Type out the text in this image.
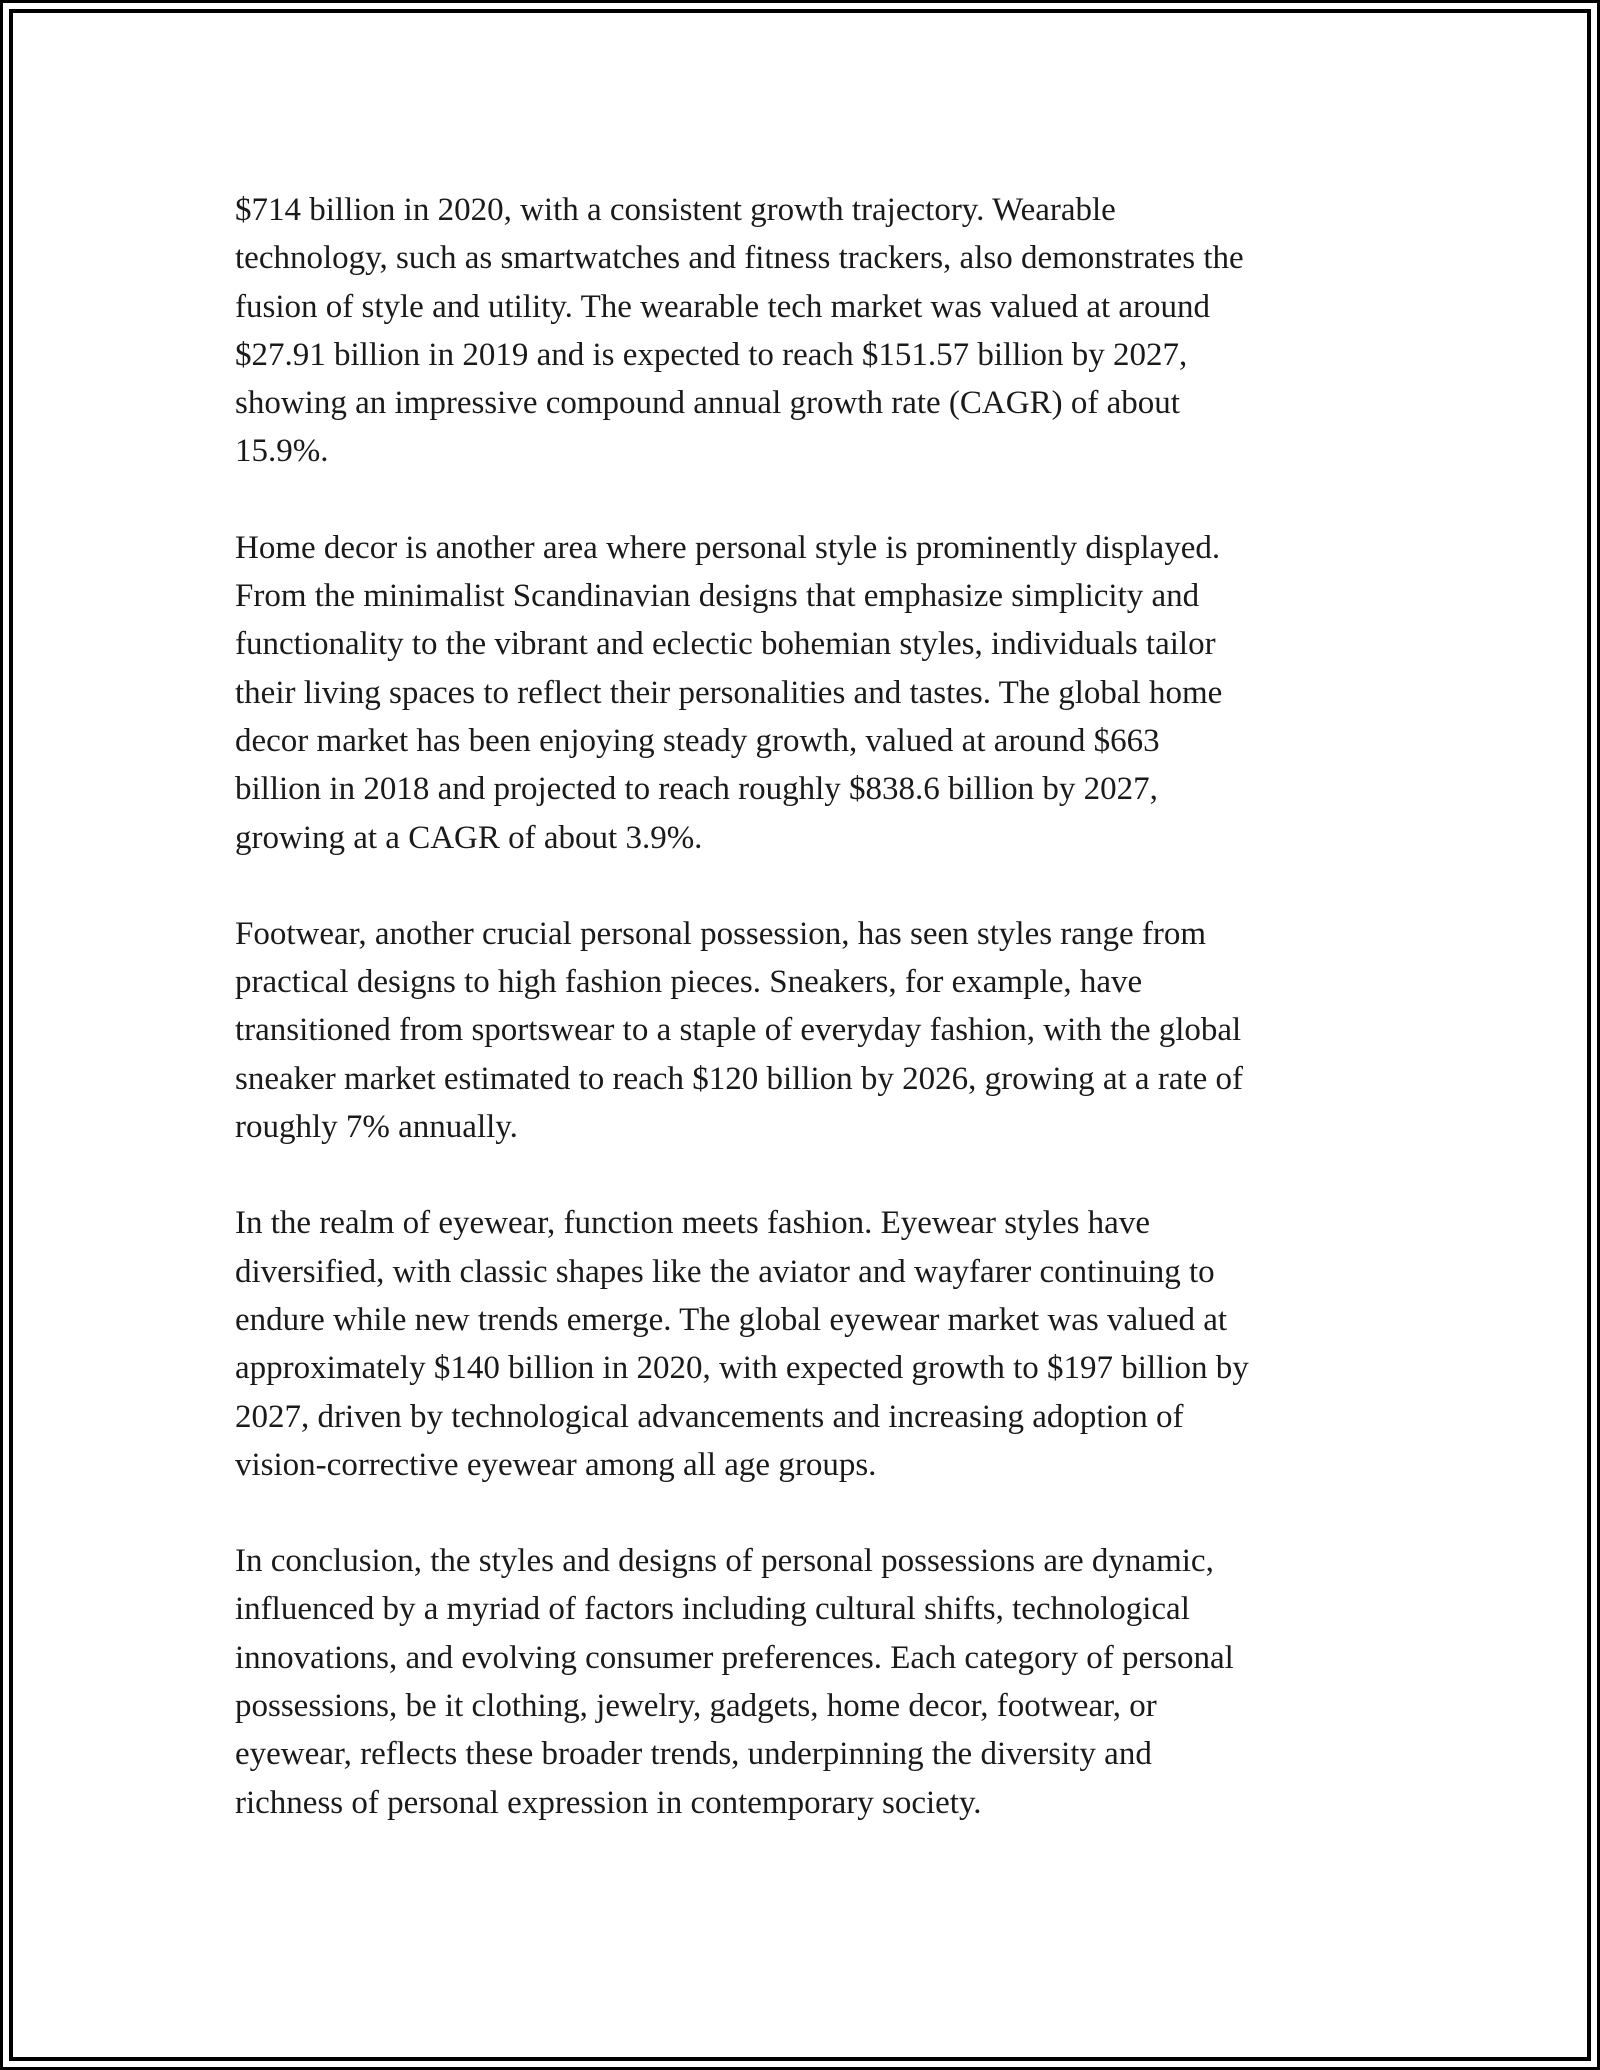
$714 billion in 2020, with a consistent growth trajectory. Wearable
technology, such as smartwatches and fitness trackers, also demonstrates the
fusion of style and utility. The wearable tech market was valued at around
$27.91 billion in 2019 and is expected to reach $151.57 billion by 2027,
showing an impressive compound annual growth rate (CAGR) of about
15.9%.

Home decor is another area where personal style is prominently displayed.
From the minimalist Scandinavian designs that emphasize simplicity and
functionality to the vibrant and eclectic bohemian styles, individuals tailor
their living spaces to reflect their personalities and tastes. The global home
decor market has been enjoying steady growth, valued at around $663
billion in 2018 and projected to reach roughly $838.6 billion by 2027,
growing at a CAGR of about 3.9%.

Footwear, another crucial personal possession, has seen styles range from
practical designs to high fashion pieces. Sneakers, for example, have
transitioned from sportswear to a staple of everyday fashion, with the global
sneaker market estimated to reach $120 billion by 2026, growing at a rate of
roughly 7% annually.

In the realm of eyewear, function meets fashion. Eyewear styles have
diversified, with classic shapes like the aviator and wayfarer continuing to
endure while new trends emerge. The global eyewear market was valued at
approximately $140 billion in 2020, with expected growth to $197 billion by
2027, driven by technological advancements and increasing adoption of
vision-corrective eyewear among all age groups.

In conclusion, the styles and designs of personal possessions are dynamic,
influenced by a myriad of factors including cultural shifts, technological
innovations, and evolving consumer preferences. Each category of personal
possessions, be it clothing, jewelry, gadgets, home decor, footwear, or
eyewear, reflects these broader trends, underpinning the diversity and
richness of personal expression in contemporary society.
